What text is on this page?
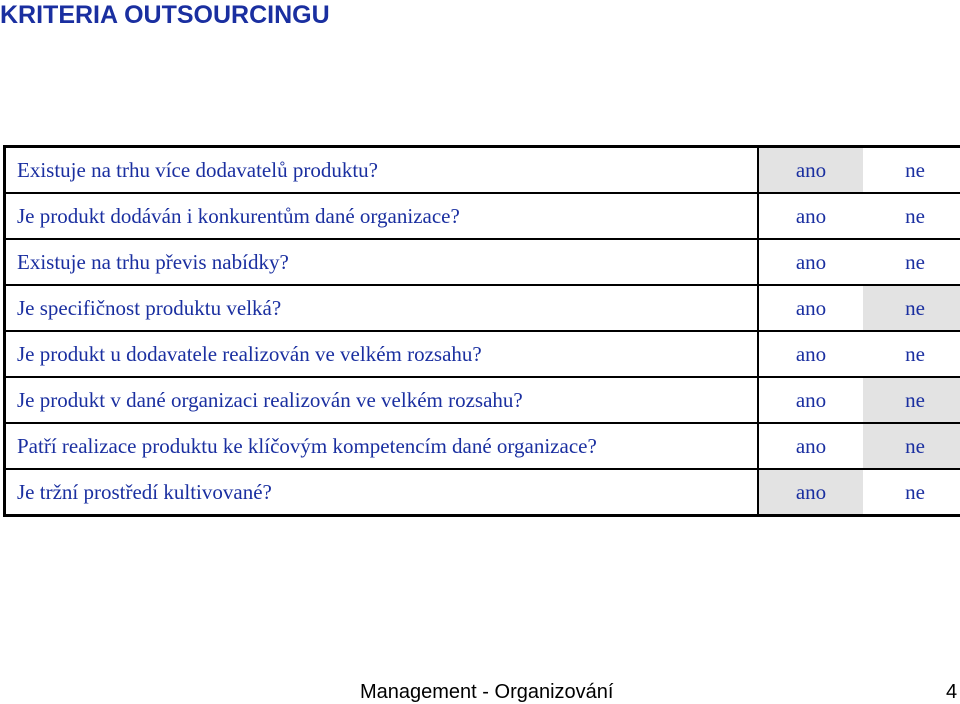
KRITERIA OUTSOURCINGU
Existuje na trhu více dodavatelů produktu?	ano	ne
Je produkt dodáván i konkurentům dané organizace?	ano	ne
Existuje na trhu převis nabídky?	ano	ne
Je specifičnost produktu velká?	ano	ne
Je produkt u dodavatele realizován ve velkém rozsahu?	ano	ne
Je produkt v dané organizaci realizován ve velkém rozsahu?	ano	ne
Patří realizace produktu ke klíčovým kompetencím dané organizace?	ano	ne
Je tržní prostředí kultivované?	ano	ne
Management - Organizování	4
